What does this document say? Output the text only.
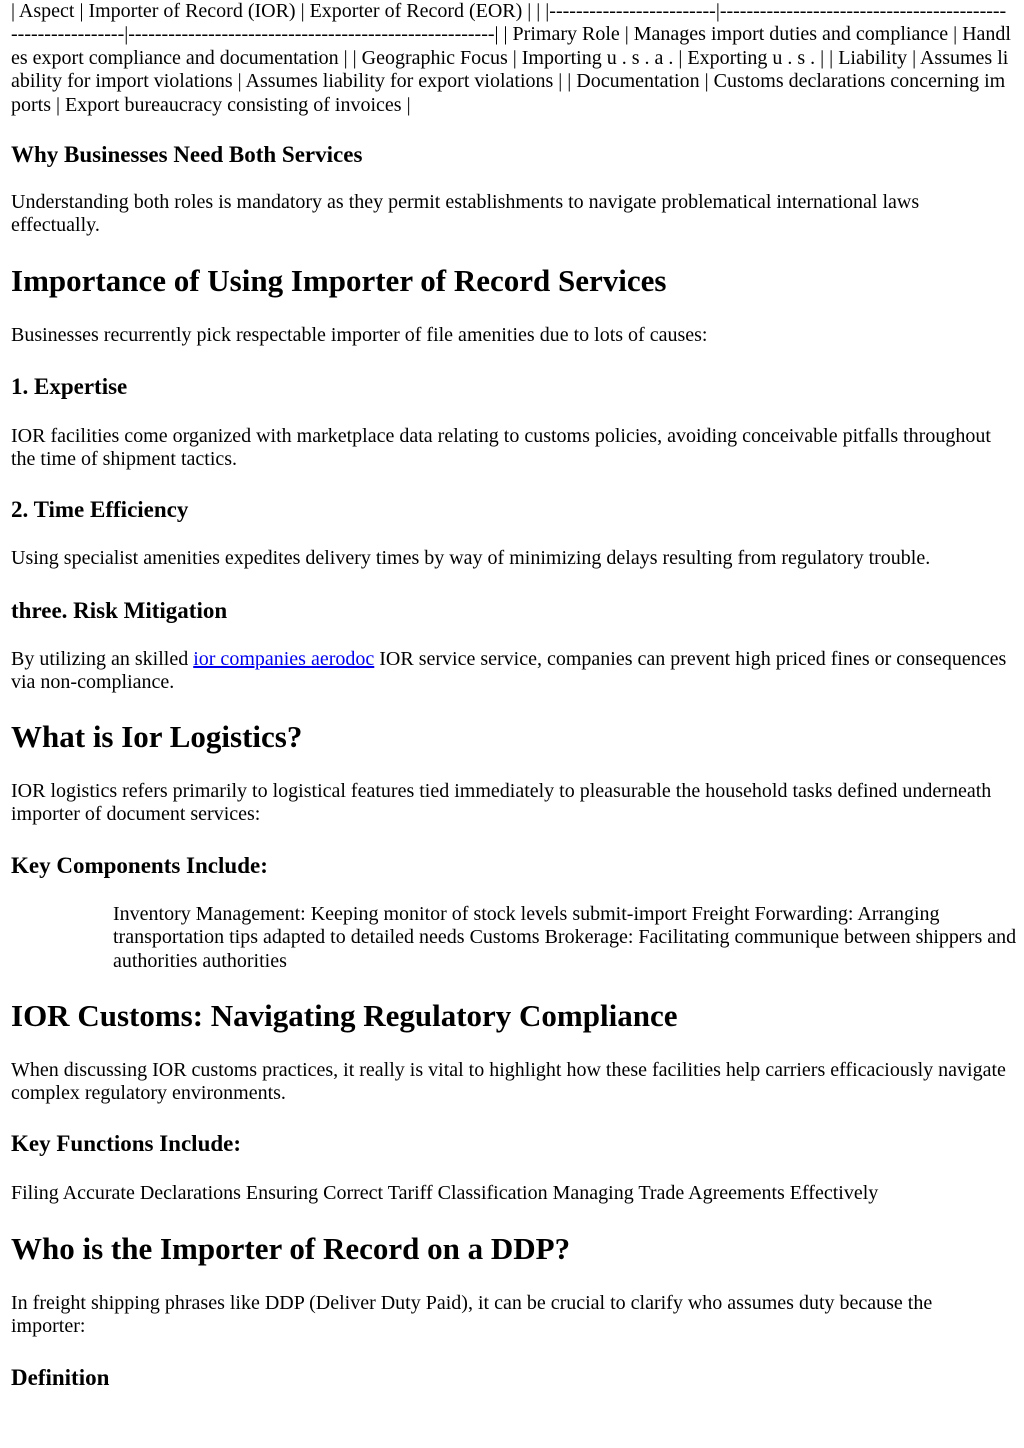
| Aspect | Importer of Record (IOR) | Exporter of Record (EOR) | | |-------------------------|------------------------------------------------------------|-------------------------------------------------------| | Primary Role | Manages import duties and compliance | Handles export compliance and documentation | | Geographic Focus | Importing u . s . a . | Exporting u . s . | | Liability | Assumes liability for import violations | Assumes liability for export violations | | Documentation | Customs declarations concerning imports | Export bureaucracy consisting of invoices |

Why Businesses Need Both Services

Understanding both roles is mandatory as they permit establishments to navigate problematical international laws effectually.

Importance of Using Importer of Record Services

Businesses recurrently pick respectable importer of file amenities due to lots of causes:

1. Expertise

IOR facilities come organized with marketplace data relating to customs policies, avoiding conceivable pitfalls throughout the time of shipment tactics.

2. Time Efficiency

Using specialist amenities expedites delivery times by way of minimizing delays resulting from regulatory trouble.

three. Risk Mitigation

By utilizing an skilled ior companies aerodoc IOR service service, companies can prevent high priced fines or consequences via non-compliance.

What is Ior Logistics?

IOR logistics refers primarily to logistical features tied immediately to pleasurable the household tasks defined underneath importer of document services:

Key Components Include:
Inventory Management: Keeping monitor of stock levels submit-import Freight Forwarding: Arranging transportation tips adapted to detailed needs Customs Brokerage: Facilitating communique between shippers and authorities authorities
IOR Customs: Navigating Regulatory Compliance

When discussing IOR customs practices, it really is vital to highlight how these facilities help carriers efficaciously navigate complex regulatory environments.

Key Functions Include:

Filing Accurate Declarations Ensuring Correct Tariff Classification Managing Trade Agreements Effectively

Who is the Importer of Record on a DDP?

In freight shipping phrases like DDP (Deliver Duty Paid), it can be crucial to clarify who assumes duty because the importer:

Definition
